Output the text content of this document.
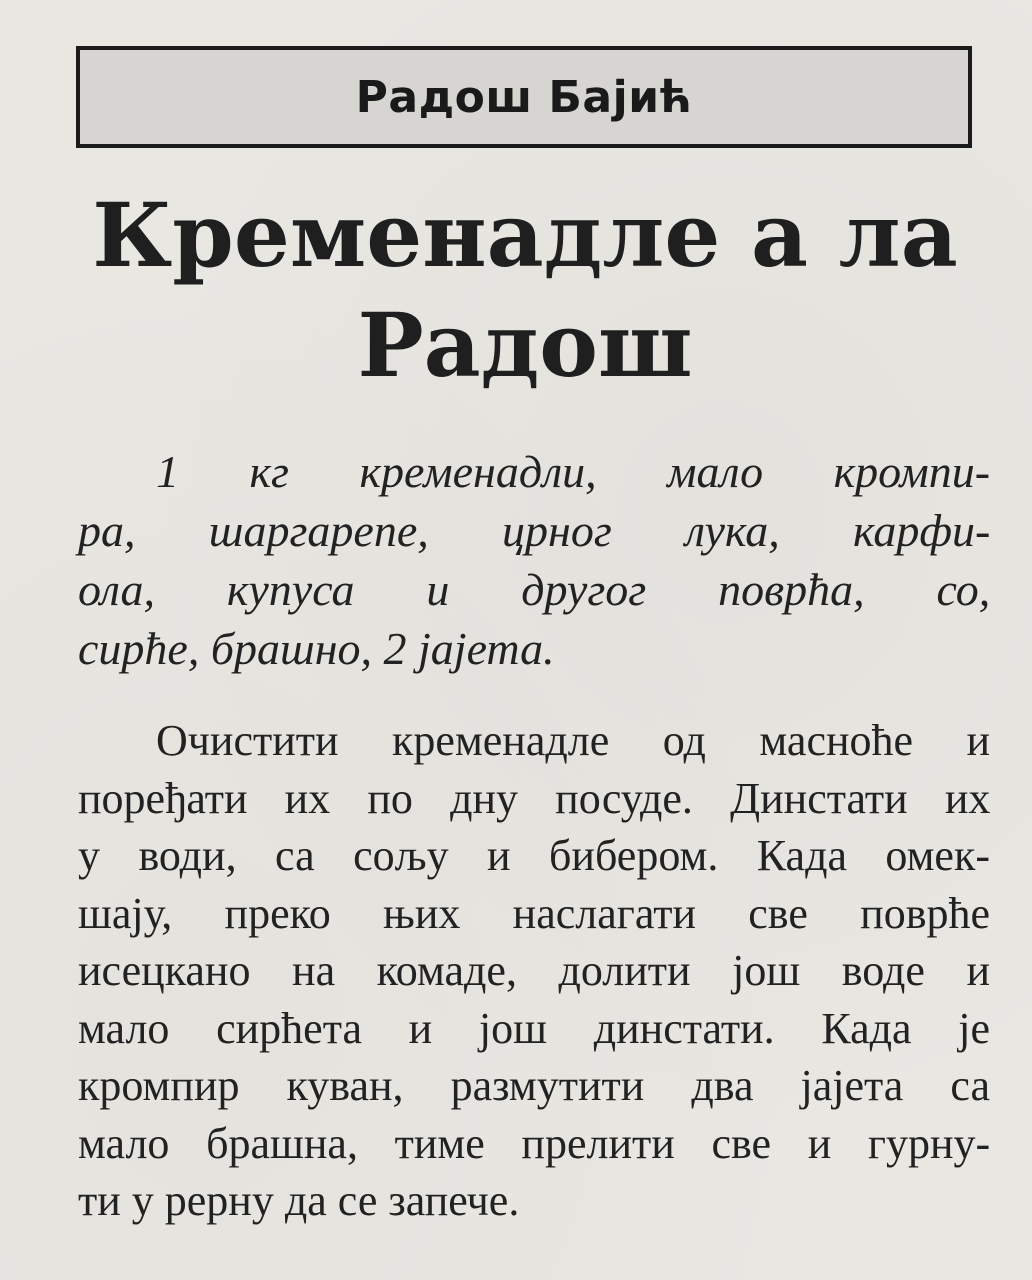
Радош Бајић
Кременадле а ла
Радош
1 кг кременадли, мало кромпи-
ра, шаргарепе, црног лука, карфи-
ола, купуса и другог поврћа, со,
сирће, брашно, 2 јајета.
Очистити кременадле од масноће и
поређати их по дну посуде. Динстати их
у води, са сољу и бибером. Када омек-
шају, преко њих наслагати све поврће
исецкано на комаде, долити још воде и
мало сирћета и још динстати. Када је
кромпир куван, размутити два јајета са
мало брашна, тиме прелити све и гурну-
ти у рерну да се запече.
